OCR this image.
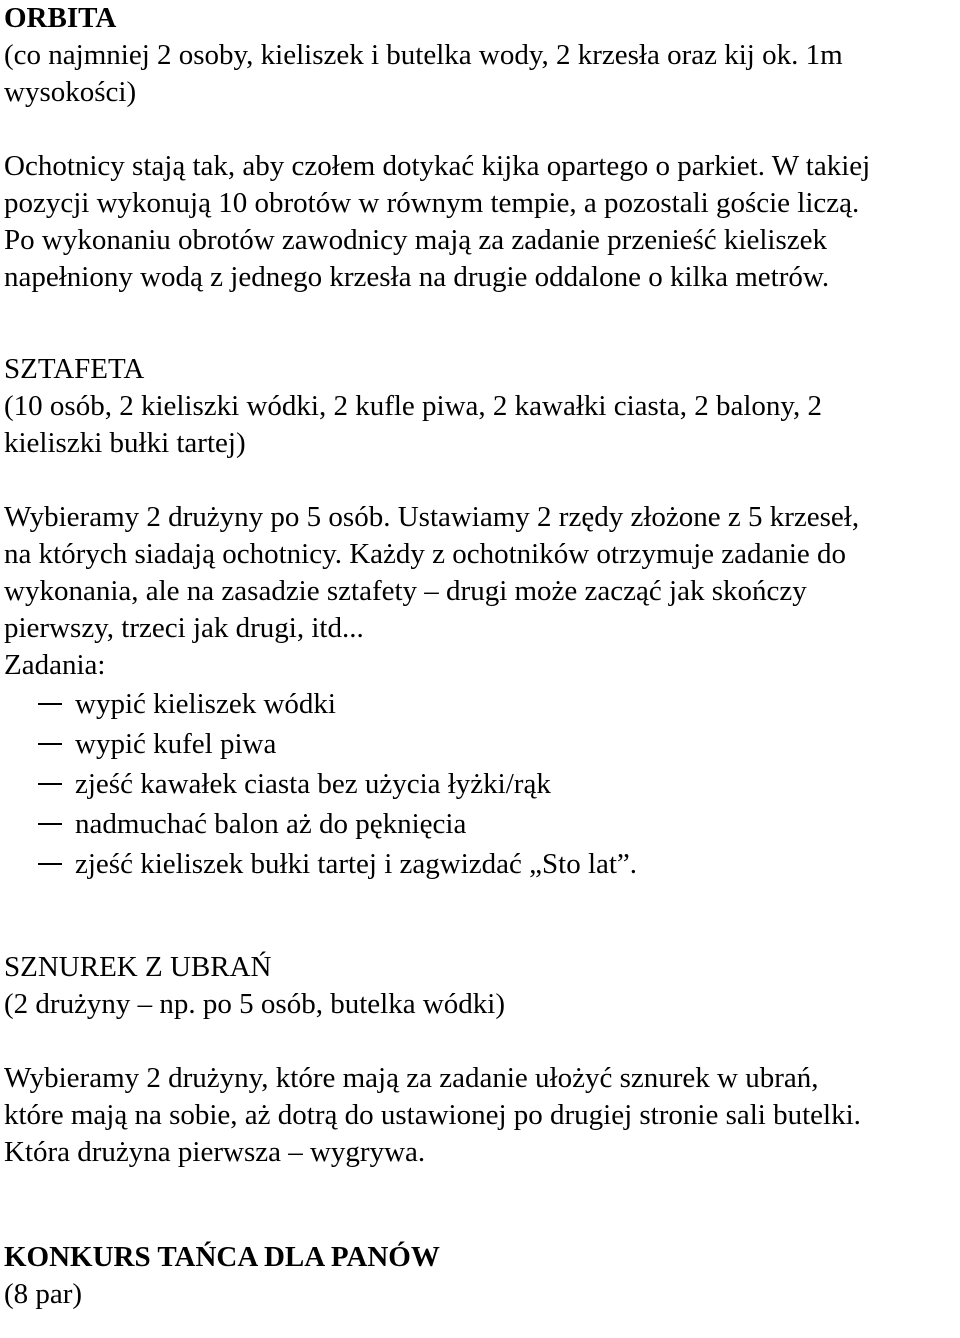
ORBITA
(co najmniej 2 osoby, kieliszek i butelka wody, 2 krzesła oraz kij ok. 1m
wysokości)
Ochotnicy stają tak, aby czołem dotykać kijka opartego o parkiet. W takiej
pozycji wykonują 10 obrotów w równym tempie, a pozostali goście liczą.
Po wykonaniu obrotów zawodnicy mają za zadanie przenieść kieliszek
napełniony wodą z jednego krzesła na drugie oddalone o kilka metrów.
SZTAFETA
(10 osób, 2 kieliszki wódki, 2 kufle piwa, 2 kawałki ciasta, 2 balony, 2
kieliszki bułki tartej)
Wybieramy 2 drużyny po 5 osób. Ustawiamy 2 rzędy złożone z 5 krzeseł,
na których siadają ochotnicy. Każdy z ochotników otrzymuje zadanie do
wykonania, ale na zasadzie sztafety – drugi może zacząć jak skończy
pierwszy, trzeci jak drugi, itd...
Zadania:
wypić kieliszek wódki
wypić kufel piwa
zjeść kawałek ciasta bez użycia łyżki/rąk
nadmuchać balon aż do pęknięcia
zjeść kieliszek bułki tartej i zagwizdać „Sto lat”.
SZNUREK Z UBRAŃ
(2 drużyny – np. po 5 osób, butelka wódki)
Wybieramy 2 drużyny, które mają za zadanie ułożyć sznurek w ubrań,
które mają na sobie, aż dotrą do ustawionej po drugiej stronie sali butelki.
Która drużyna pierwsza – wygrywa.
KONKURS TAŃCA DLA PANÓW
(8 par)
